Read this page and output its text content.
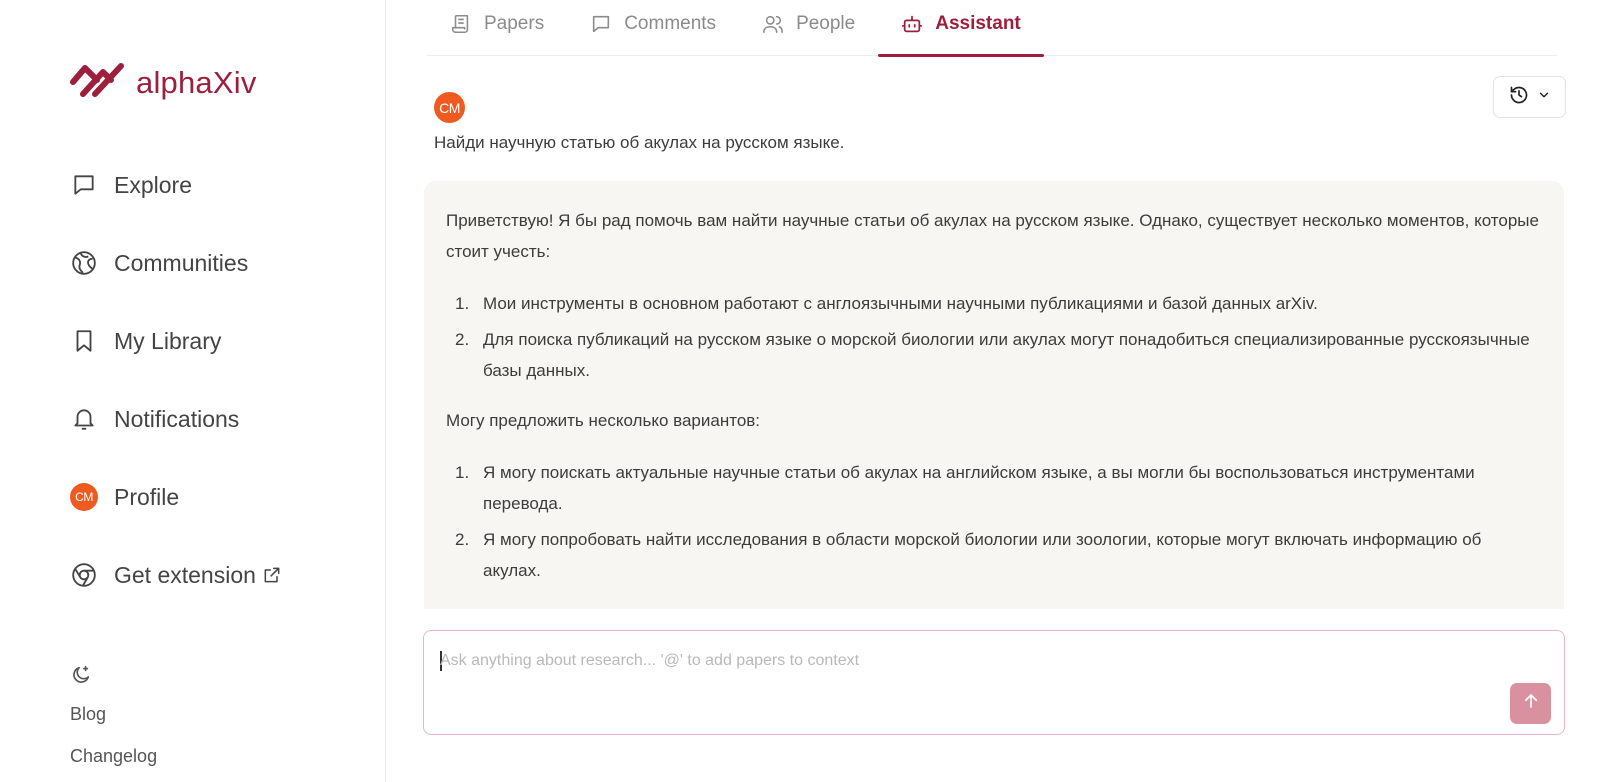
alphaXiv
Explore
Communities
My Library
Notifications
CM Profile
Get extension
Blog
Changelog
Papers	Comments	People	Assistant
CM
Найди научную статью об акулах на русском языке.

Приветствую! Я бы рад помочь вам найти научные статьи об акулах на русском языке. Однако, существует несколько моментов, которые стоит учесть:

1. Мои инструменты в основном работают с англоязычными научными публикациями и базой данных arXiv.
2. Для поиска публикаций на русском языке о морской биологии или акулах могут понадобиться специализированные русскоязычные базы данных.

Могу предложить несколько вариантов:

1. Я могу поискать актуальные научные статьи об акулах на английском языке, а вы могли бы воспользоваться инструментами перевода.
2. Я могу попробовать найти исследования в области морской биологии или зоологии, которые могут включать информацию об акулах.
Ask anything about research... '@' to add papers to context
